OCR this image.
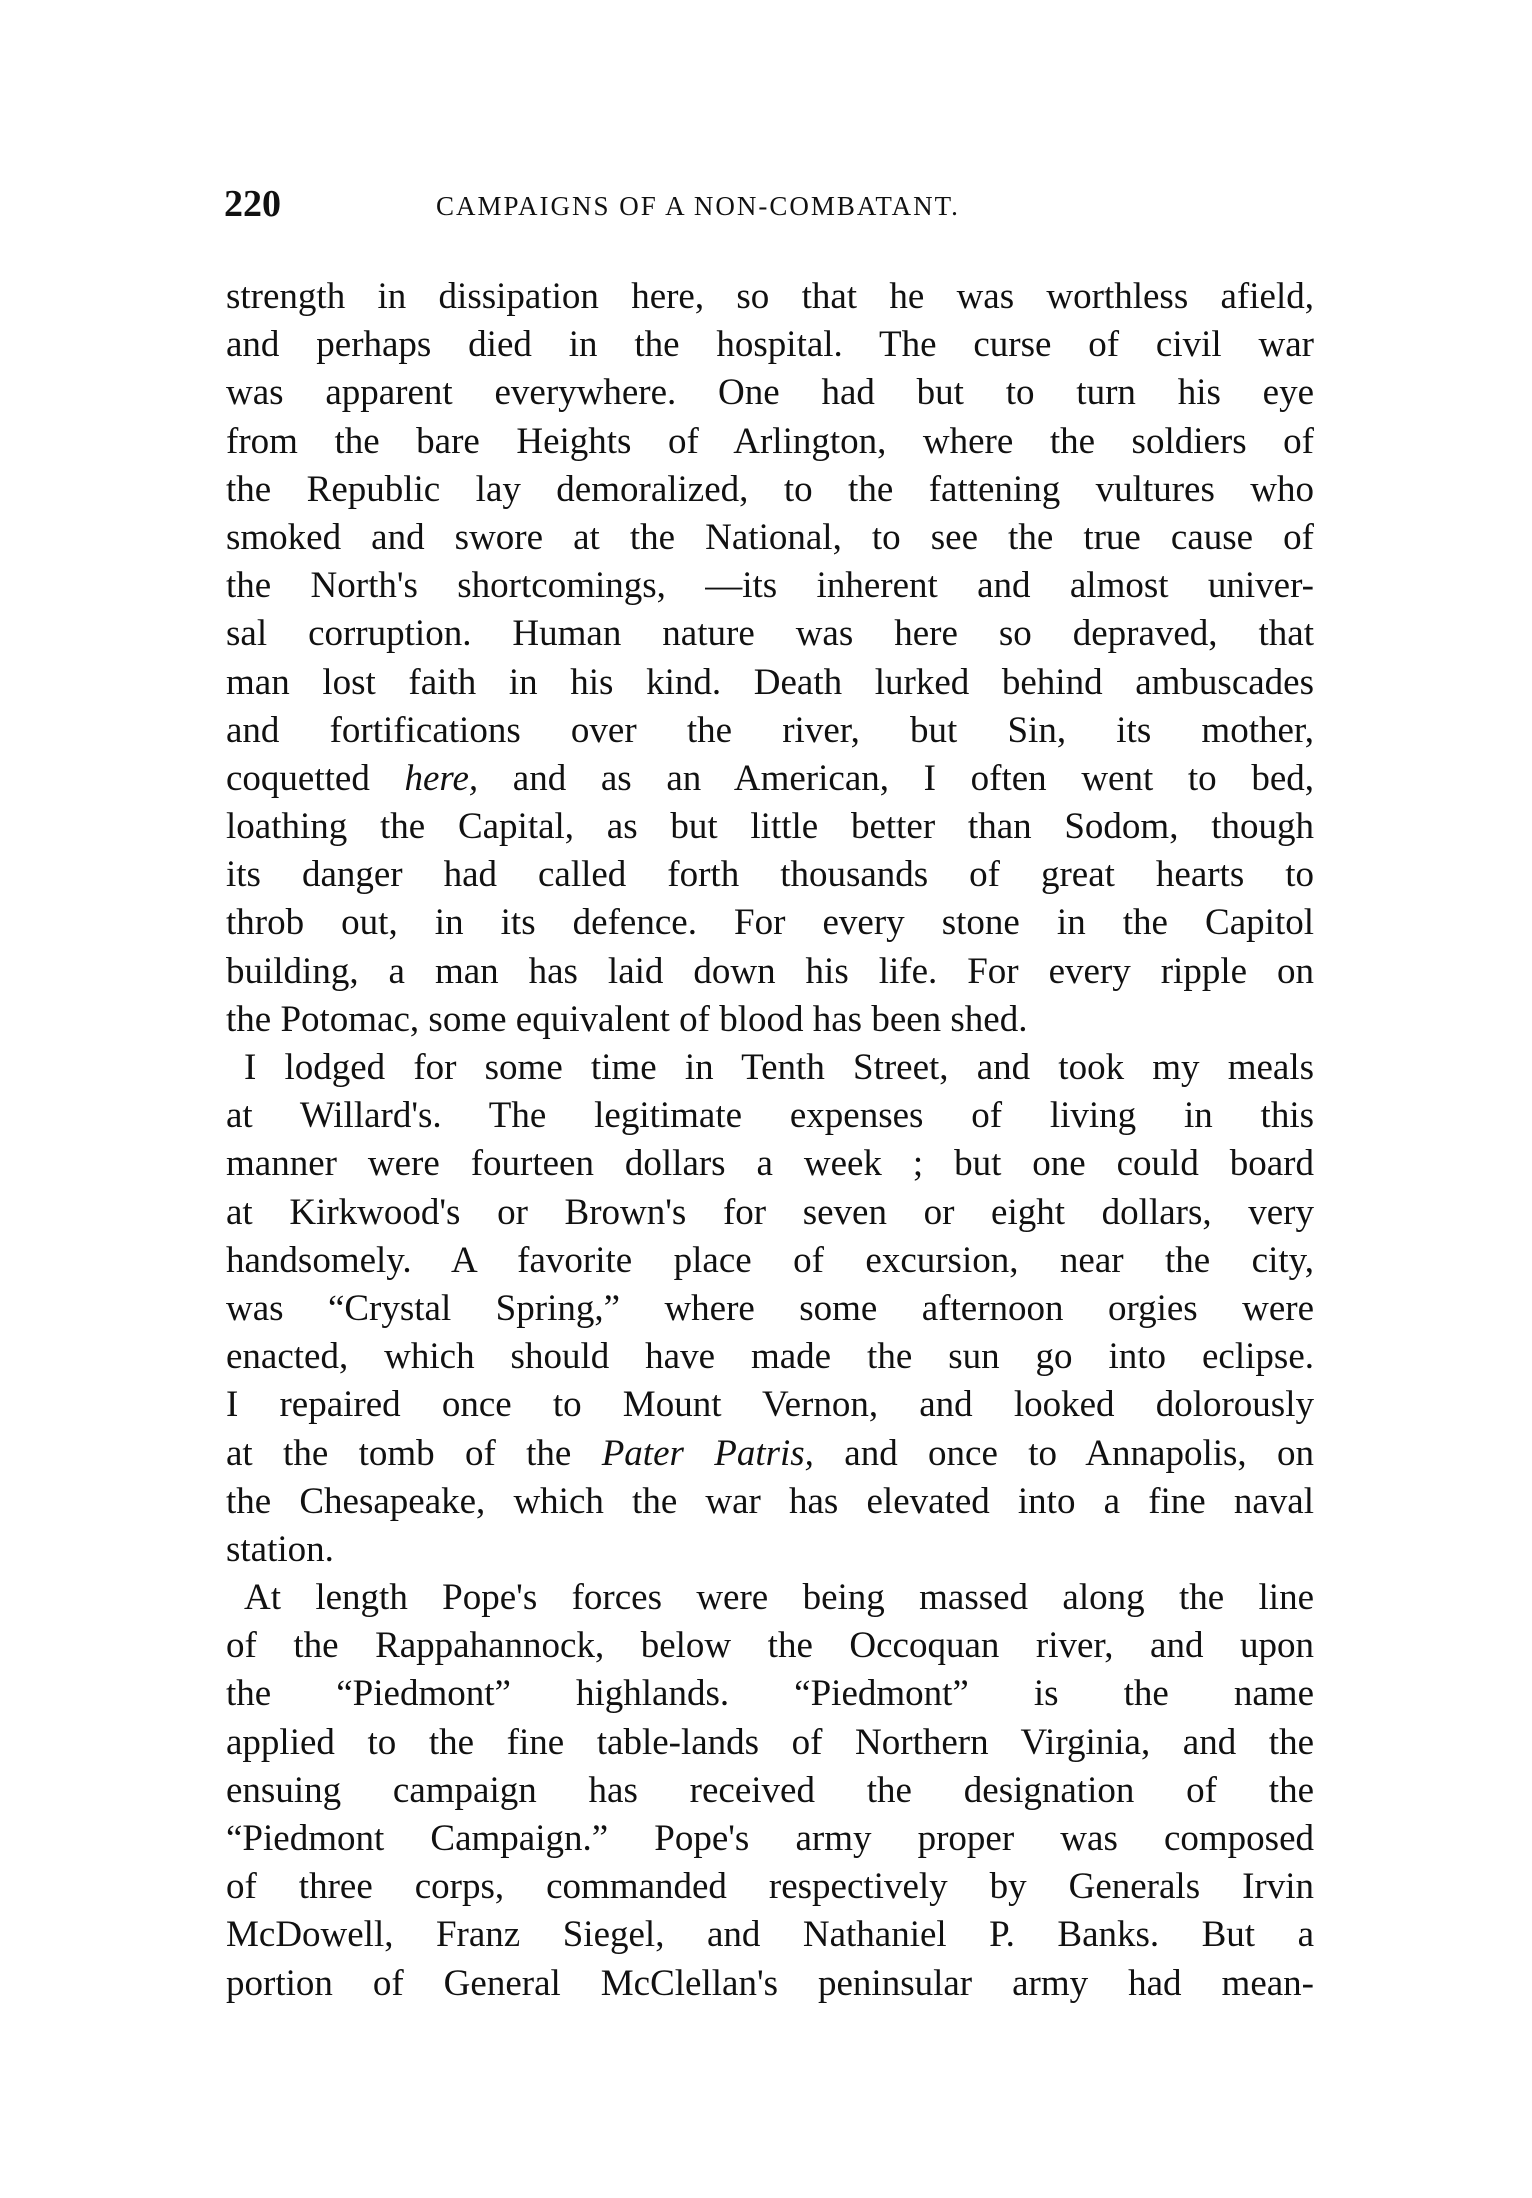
220	CAMPAIGNS OF A NON-COMBATANT.
strength in dissipation here, so that he was worthless afield,
and perhaps died in the hospital. The curse of civil war
was apparent everywhere. One had but to turn his eye
from the bare Heights of Arlington, where the soldiers of
the Republic lay demoralized, to the fattening vultures who
smoked and swore at the National, to see the true cause of
the North's shortcomings, —its inherent and almost univer-
sal corruption. Human nature was here so depraved, that
man lost faith in his kind. Death lurked behind ambuscades
and fortifications over the river, but Sin, its mother,
coquetted here, and as an American, I often went to bed,
loathing the Capital, as but little better than Sodom, though
its danger had called forth thousands of great hearts to
throb out, in its defence. For every stone in the Capitol
building, a man has laid down his life. For every ripple on
the Potomac, some equivalent of blood has been shed.
I lodged for some time in Tenth Street, and took my meals
at Willard's. The legitimate expenses of living in this
manner were fourteen dollars a week ; but one could board
at Kirkwood's or Brown's for seven or eight dollars, very
handsomely. A favorite place of excursion, near the city,
was “Crystal Spring,” where some afternoon orgies were
enacted, which should have made the sun go into eclipse.
I repaired once to Mount Vernon, and looked dolorously
at the tomb of the Pater Patris, and once to Annapolis, on
the Chesapeake, which the war has elevated into a fine naval
station.
At length Pope's forces were being massed along the line
of the Rappahannock, below the Occoquan river, and upon
the “Piedmont” highlands. “Piedmont” is the name
applied to the fine table-lands of Northern Virginia, and the
ensuing campaign has received the designation of the
“Piedmont Campaign.” Pope's army proper was composed
of three corps, commanded respectively by Generals Irvin
McDowell, Franz Siegel, and Nathaniel P. Banks. But a
portion of General McClellan's peninsular army had mean-
